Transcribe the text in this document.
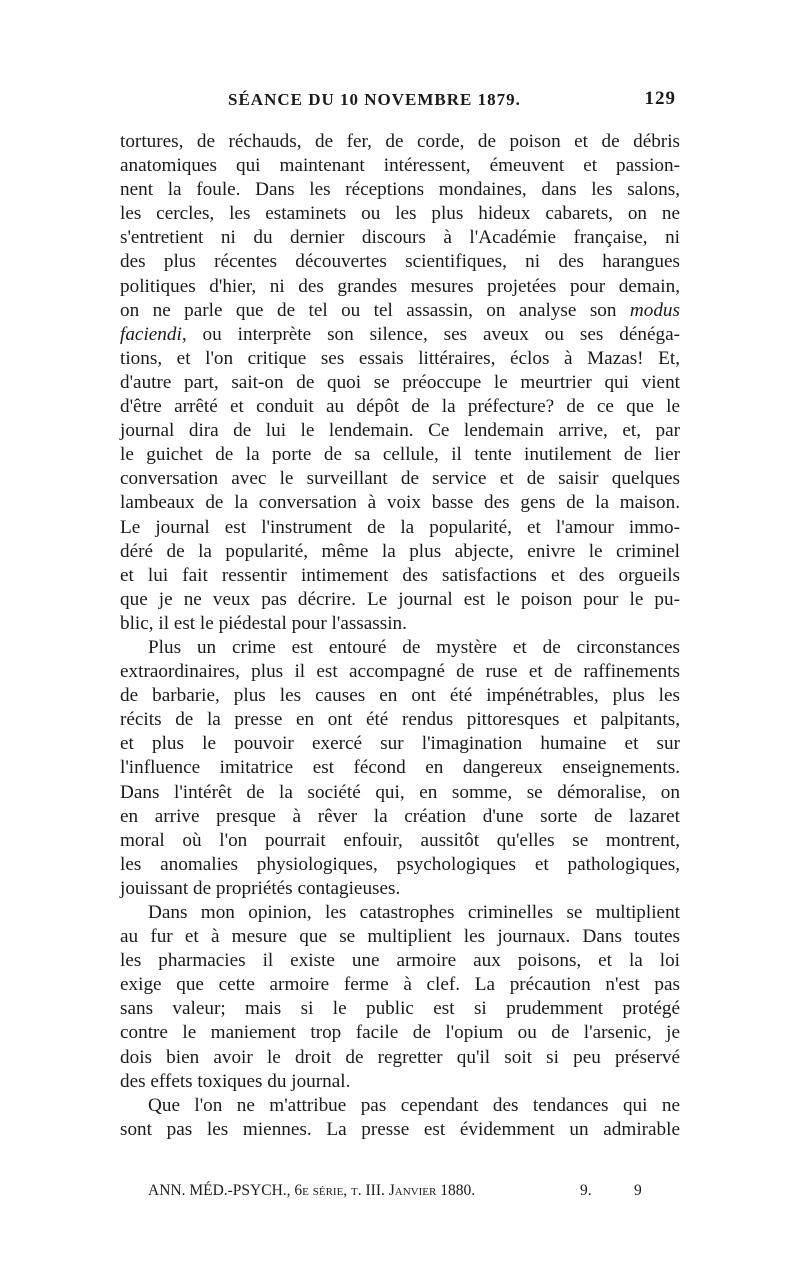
SÉANCE DU 10 NOVEMBRE 1879.	129
tortures, de réchauds, de fer, de corde, de poison et de débris
anatomiques qui maintenant intéressent, émeuvent et passion-
nent la foule. Dans les réceptions mondaines, dans les salons,
les cercles, les estaminets ou les plus hideux cabarets, on ne
s'entretient ni du dernier discours à l'Académie française, ni
des plus récentes découvertes scientifiques, ni des harangues
politiques d'hier, ni des grandes mesures projetées pour demain,
on ne parle que de tel ou tel assassin, on analyse son modus
faciendi, ou interprète son silence, ses aveux ou ses dénéga-
tions, et l'on critique ses essais littéraires, éclos à Mazas! Et,
d'autre part, sait-on de quoi se préoccupe le meurtrier qui vient
d'être arrêté et conduit au dépôt de la préfecture? de ce que le
journal dira de lui le lendemain. Ce lendemain arrive, et, par
le guichet de la porte de sa cellule, il tente inutilement de lier
conversation avec le surveillant de service et de saisir quelques
lambeaux de la conversation à voix basse des gens de la maison.
Le journal est l'instrument de la popularité, et l'amour immo-
déré de la popularité, même la plus abjecte, enivre le criminel
et lui fait ressentir intimement des satisfactions et des orgueils
que je ne veux pas décrire. Le journal est le poison pour le pu-
blic, il est le piédestal pour l'assassin.
Plus un crime est entouré de mystère et de circonstances
extraordinaires, plus il est accompagné de ruse et de raffinements
de barbarie, plus les causes en ont été impénétrables, plus les
récits de la presse en ont été rendus pittoresques et palpitants,
et plus le pouvoir exercé sur l'imagination humaine et sur
l'influence imitatrice est fécond en dangereux enseignements.
Dans l'intérêt de la société qui, en somme, se démoralise, on
en arrive presque à rêver la création d'une sorte de lazaret
moral où l'on pourrait enfouir, aussitôt qu'elles se montrent,
les anomalies physiologiques, psychologiques et pathologiques,
jouissant de propriétés contagieuses.
Dans mon opinion, les catastrophes criminelles se multiplient
au fur et à mesure que se multiplient les journaux. Dans toutes
les pharmacies il existe une armoire aux poisons, et la loi
exige que cette armoire ferme à clef. La précaution n'est pas
sans valeur; mais si le public est si prudemment protégé
contre le maniement trop facile de l'opium ou de l'arsenic, je
dois bien avoir le droit de regretter qu'il soit si peu préservé
des effets toxiques du journal.
Que l'on ne m'attribue pas cependant des tendances qui ne
sont pas les miennes. La presse est évidemment un admirable
ANN. MÉD.-PSYCH., 6e série, t. III. Janvier 1880.	9.	9
